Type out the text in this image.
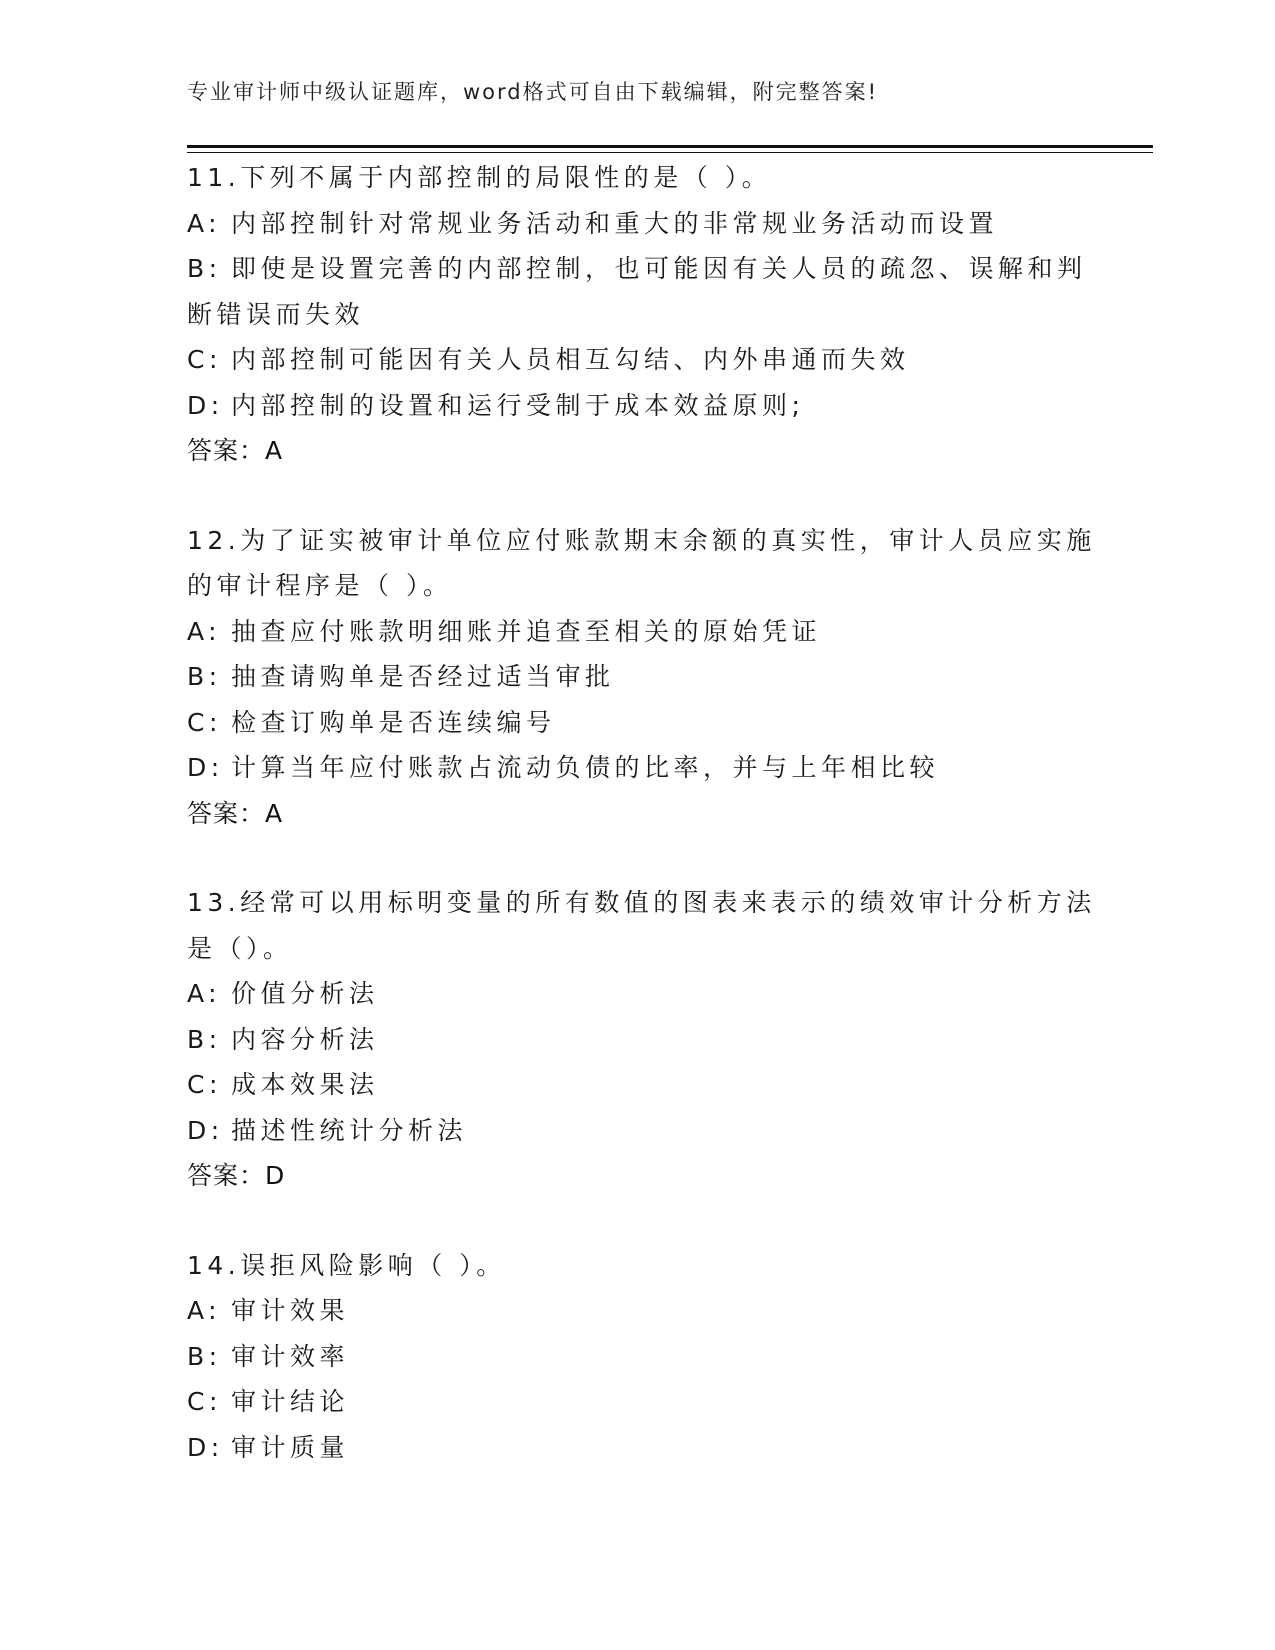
专业审计师中级认证题库，word格式可自由下载编辑，附完整答案!
11.下列不属于内部控制的局限性的是（ ）。
A: 内部控制针对常规业务活动和重大的非常规业务活动而设置
B: 即使是设置完善的内部控制，也可能因有关人员的疏忽、误解和判
断错误而失效
C: 内部控制可能因有关人员相互勾结、内外串通而失效
D: 内部控制的设置和运行受制于成本效益原则;
答案：A
12.为了证实被审计单位应付账款期末余额的真实性，审计人员应实施
的审计程序是（ ）。
A: 抽查应付账款明细账并追查至相关的原始凭证
B: 抽查请购单是否经过适当审批
C: 检查订购单是否连续编号
D: 计算当年应付账款占流动负债的比率，并与上年相比较
答案：A
13.经常可以用标明变量的所有数值的图表来表示的绩效审计分析方法
是（）。
A: 价值分析法
B: 内容分析法
C: 成本效果法
D: 描述性统计分析法
答案：D
14.误拒风险影响（ ）。
A: 审计效果
B: 审计效率
C: 审计结论
D: 审计质量
